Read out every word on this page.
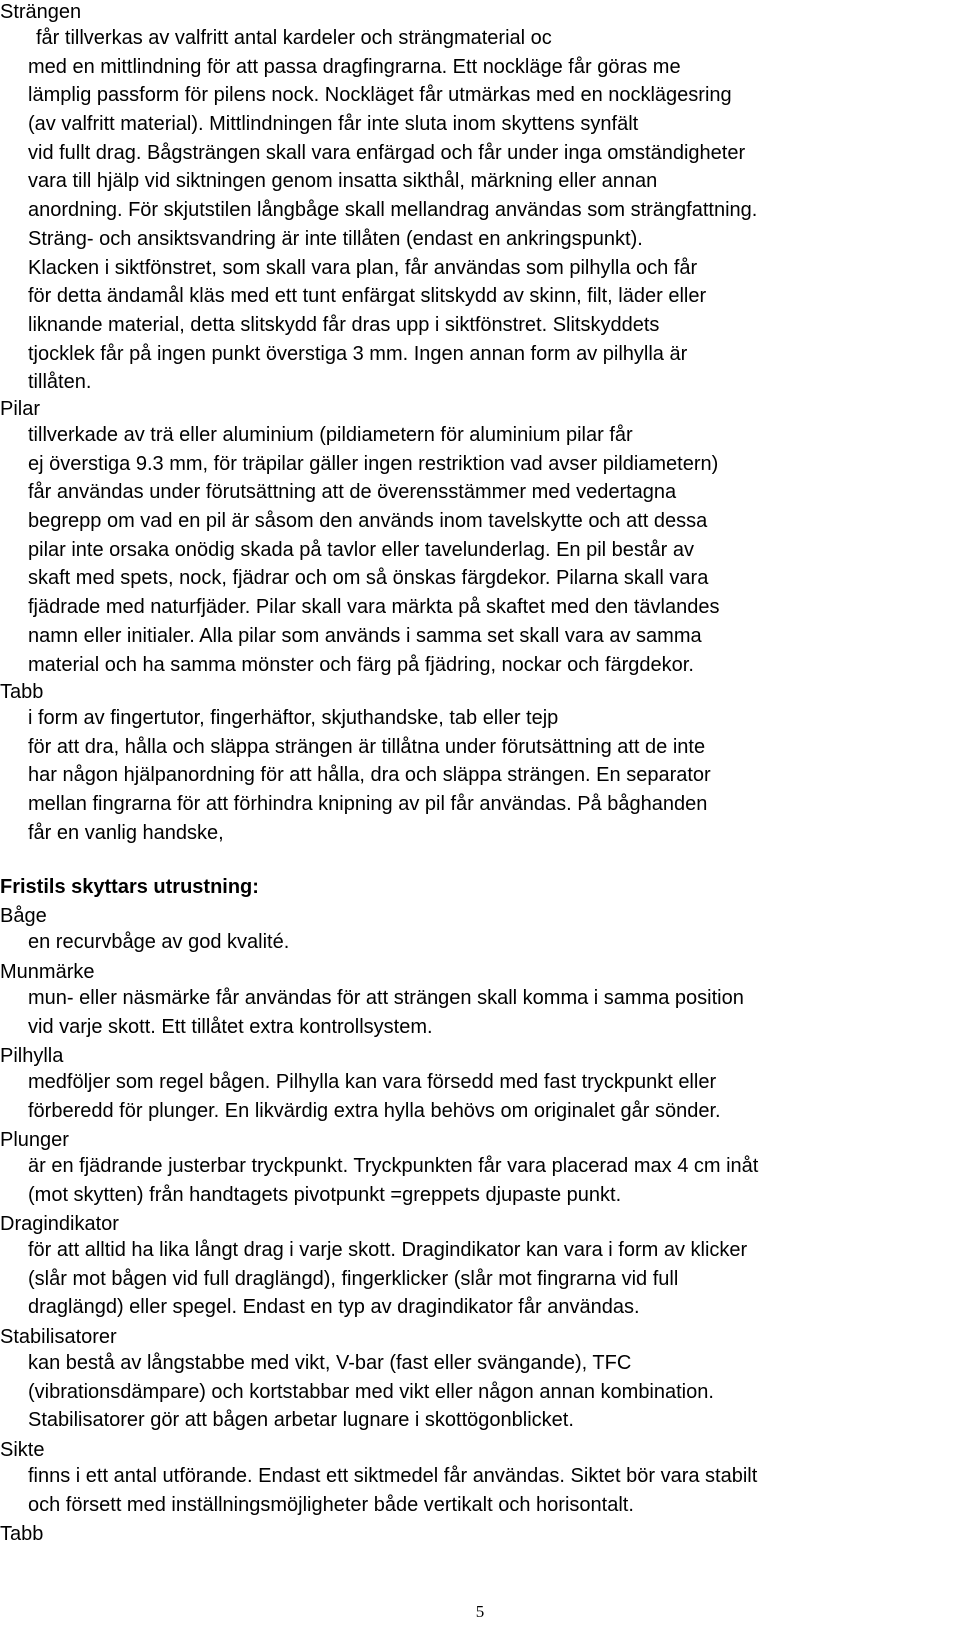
Strängen
får tillverkas av valfritt antal kardeler och strängmaterial oc
med en mittlindning för att passa dragfingrarna. Ett nockläge får göras me
lämplig passform för pilens nock. Nockläget får utmärkas med en nocklägesring
(av valfritt material). Mittlindningen får inte sluta inom skyttens synfält
vid fullt drag. Bågsträngen skall vara enfärgad och får under inga omständigheter
vara till hjälp vid siktningen genom insatta sikthål, märkning eller annan
anordning. För skjutstilen långbåge skall mellandrag användas som strängfattning.
Sträng- och ansiktsvandring är inte tillåten (endast en ankringspunkt).
Klacken i siktfönstret, som skall vara plan, får användas som pilhylla och får
för detta ändamål kläs med ett tunt enfärgat slitskydd av skinn, filt, läder eller
liknande material, detta slitskydd får dras upp i siktfönstret. Slitskyddets
tjocklek får på ingen punkt överstiga 3 mm. Ingen annan form av pilhylla är
tillåten.
Pilar
tillverkade av trä eller aluminium (pildiametern för aluminium pilar får
ej överstiga 9.3 mm, för träpilar gäller ingen restriktion vad avser pildiametern)
får användas under förutsättning att de överensstämmer med vedertagna
begrepp om vad en pil är såsom den används inom tavelskytte och att dessa
pilar inte orsaka onödig skada på tavlor eller tavelunderlag. En pil består av
skaft med spets, nock, fjädrar och om så önskas färgdekor. Pilarna skall vara
fjädrade med naturfjäder. Pilar skall vara märkta på skaftet med den tävlandes
namn eller initialer. Alla pilar som används i samma set skall vara av samma
material och ha samma mönster och färg på fjädring, nockar och färgdekor.
Tabb
i form av fingertutor, fingerhäftor, skjuthandske, tab eller tejp
för att dra, hålla och släppa strängen är tillåtna under förutsättning att de inte
har någon hjälpanordning för att hålla, dra och släppa strängen. En separator
mellan fingrarna för att förhindra knipning av pil får användas. På båghanden
får en vanlig handske,
Fristils skyttars utrustning:
Båge
en recurvbåge av god kvalité.
Munmärke
mun- eller näsmärke får användas för att strängen skall komma i samma position
vid varje skott. Ett tillåtet extra kontrollsystem.
Pilhylla
medföljer som regel bågen. Pilhylla kan vara försedd med fast tryckpunkt eller
förberedd för plunger. En likvärdig extra hylla behövs om originalet går sönder.
Plunger
är en fjädrande justerbar tryckpunkt. Tryckpunkten får vara placerad max 4 cm inåt
(mot skytten) från handtagets pivotpunkt =greppets djupaste punkt.
Dragindikator
för att alltid ha lika långt drag i varje skott. Dragindikator kan vara i form av klicker
(slår mot bågen vid full draglängd), fingerklicker (slår mot fingrarna vid full
draglängd) eller spegel. Endast en typ av dragindikator får användas.
Stabilisatorer
kan bestå av långstabbe med vikt, V-bar (fast eller svängande), TFC
(vibrationsdämpare) och kortstabbar med vikt eller någon annan kombination.
Stabilisatorer gör att bågen arbetar lugnare i skottögonblicket.
Sikte
finns i ett antal utförande. Endast ett siktmedel får användas. Siktet bör vara stabilt
och försett med inställningsmöjligheter både vertikalt och horisontalt.
Tabb
5
